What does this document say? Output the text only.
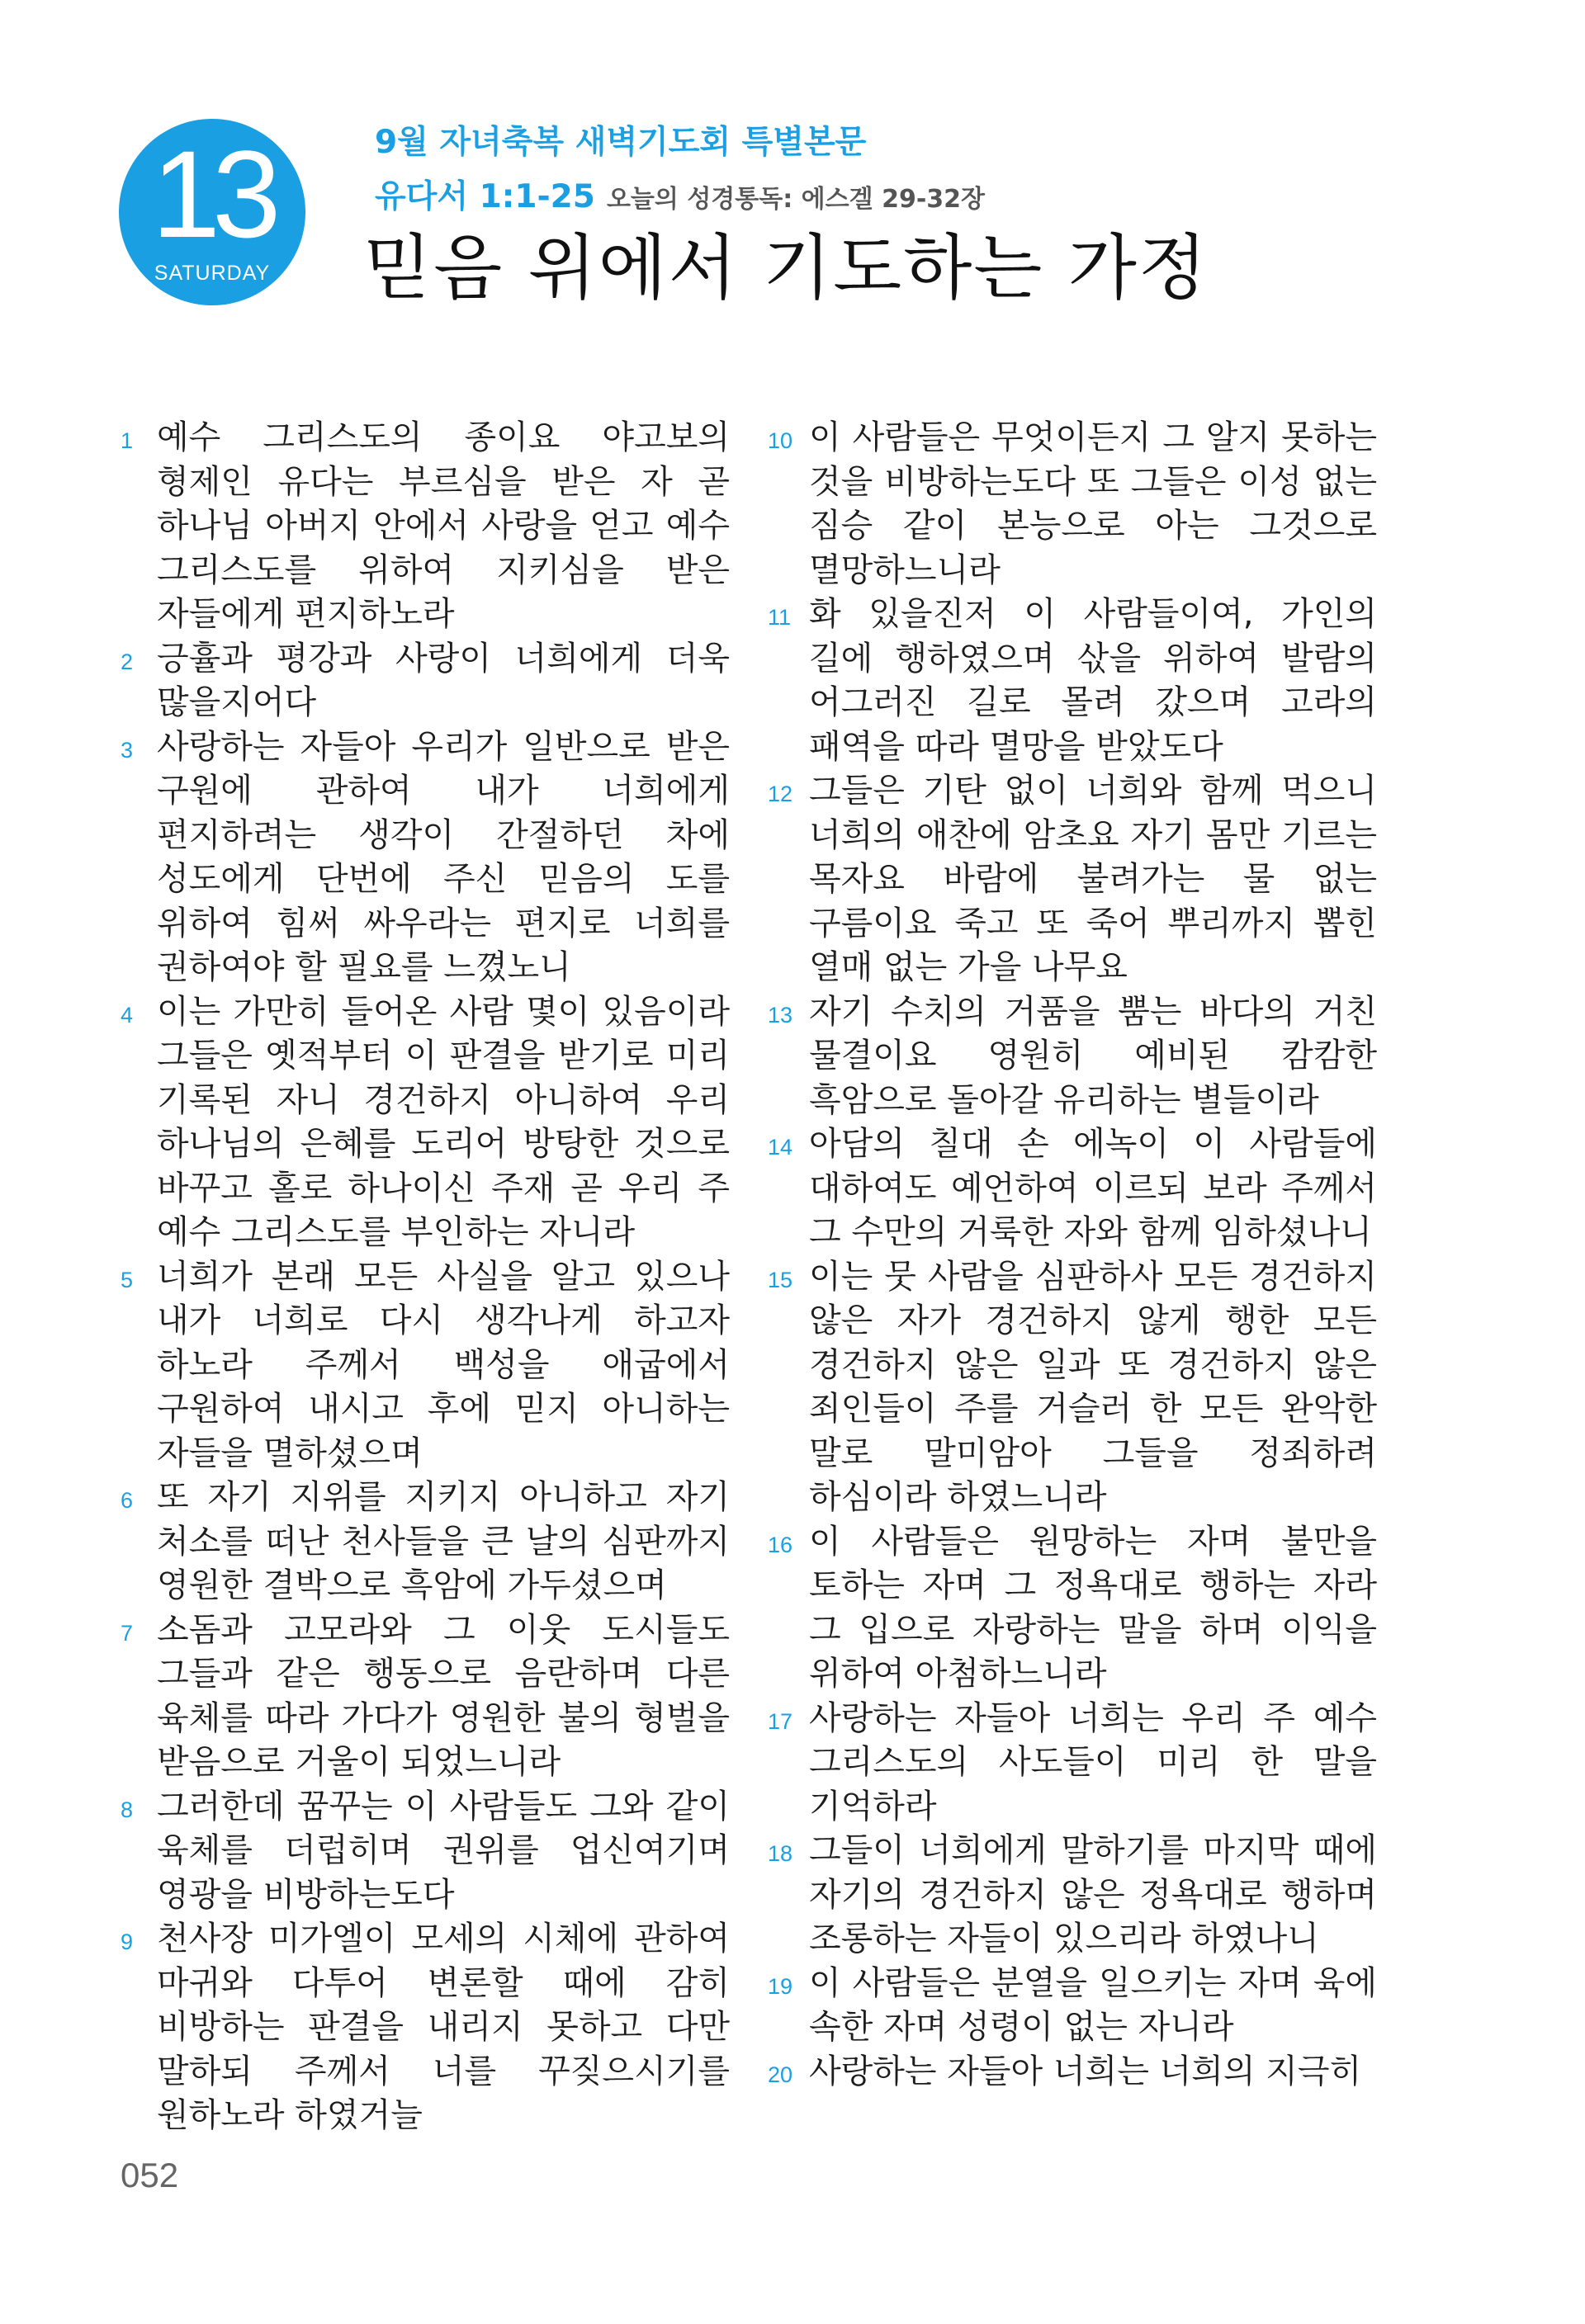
13
SATURDAY
9월 자녀축복 새벽기도회 특별본문
유다서 1:1-25 오늘의 성경통독: 에스겔 29-32장
믿음 위에서 기도하는 가정
1 예수 그리스도의 종이요 야고보의 형제인 유다는 부르심을 받은 자 곧 하나님 아버지 안에서 사랑을 얻고 예수 그리스도를 위하여 지키심을 받은 자들에게 편지하노라
2 긍휼과 평강과 사랑이 너희에게 더욱 많을지어다
3 사랑하는 자들아 우리가 일반으로 받은 구원에 관하여 내가 너희에게 편지하려는 생각이 간절하던 차에 성도에게 단번에 주신 믿음의 도를 위하여 힘써 싸우라는 편지로 너희를 권하여야 할 필요를 느꼈노니
4 이는 가만히 들어온 사람 몇이 있음이라 그들은 옛적부터 이 판결을 받기로 미리 기록된 자니 경건하지 아니하여 우리 하나님의 은혜를 도리어 방탕한 것으로 바꾸고 홀로 하나이신 주재 곧 우리 주 예수 그리스도를 부인하는 자니라
5 너희가 본래 모든 사실을 알고 있으나 내가 너희로 다시 생각나게 하고자 하노라 주께서 백성을 애굽에서 구원하여 내시고 후에 믿지 아니하는 자들을 멸하셨으며
6 또 자기 지위를 지키지 아니하고 자기 처소를 떠난 천사들을 큰 날의 심판까지 영원한 결박으로 흑암에 가두셨으며
7 소돔과 고모라와 그 이웃 도시들도 그들과 같은 행동으로 음란하며 다른 육체를 따라 가다가 영원한 불의 형벌을 받음으로 거울이 되었느니라
8 그러한데 꿈꾸는 이 사람들도 그와 같이 육체를 더럽히며 권위를 업신여기며 영광을 비방하는도다
9 천사장 미가엘이 모세의 시체에 관하여 마귀와 다투어 변론할 때에 감히 비방하는 판결을 내리지 못하고 다만 말하되 주께서 너를 꾸짖으시기를 원하노라 하였거늘
10 이 사람들은 무엇이든지 그 알지 못하는 것을 비방하는도다 또 그들은 이성 없는 짐승 같이 본능으로 아는 그것으로 멸망하느니라
11 화 있을진저 이 사람들이여, 가인의 길에 행하였으며 삯을 위하여 발람의 어그러진 길로 몰려 갔으며 고라의 패역을 따라 멸망을 받았도다
12 그들은 기탄 없이 너희와 함께 먹으니 너희의 애찬에 암초요 자기 몸만 기르는 목자요 바람에 불려가는 물 없는 구름이요 죽고 또 죽어 뿌리까지 뽑힌 열매 없는 가을 나무요
13 자기 수치의 거품을 뿜는 바다의 거친 물결이요 영원히 예비된 캄캄한 흑암으로 돌아갈 유리하는 별들이라
14 아담의 칠대 손 에녹이 이 사람들에 대하여도 예언하여 이르되 보라 주께서 그 수만의 거룩한 자와 함께 임하셨나니
15 이는 뭇 사람을 심판하사 모든 경건하지 않은 자가 경건하지 않게 행한 모든 경건하지 않은 일과 또 경건하지 않은 죄인들이 주를 거슬러 한 모든 완악한 말로 말미암아 그들을 정죄하려 하심이라 하였느니라
16 이 사람들은 원망하는 자며 불만을 토하는 자며 그 정욕대로 행하는 자라 그 입으로 자랑하는 말을 하며 이익을 위하여 아첨하느니라
17 사랑하는 자들아 너희는 우리 주 예수 그리스도의 사도들이 미리 한 말을 기억하라
18 그들이 너희에게 말하기를 마지막 때에 자기의 경건하지 않은 정욕대로 행하며 조롱하는 자들이 있으리라 하였나니
19 이 사람들은 분열을 일으키는 자며 육에 속한 자며 성령이 없는 자니라
20 사랑하는 자들아 너희는 너희의 지극히
052
